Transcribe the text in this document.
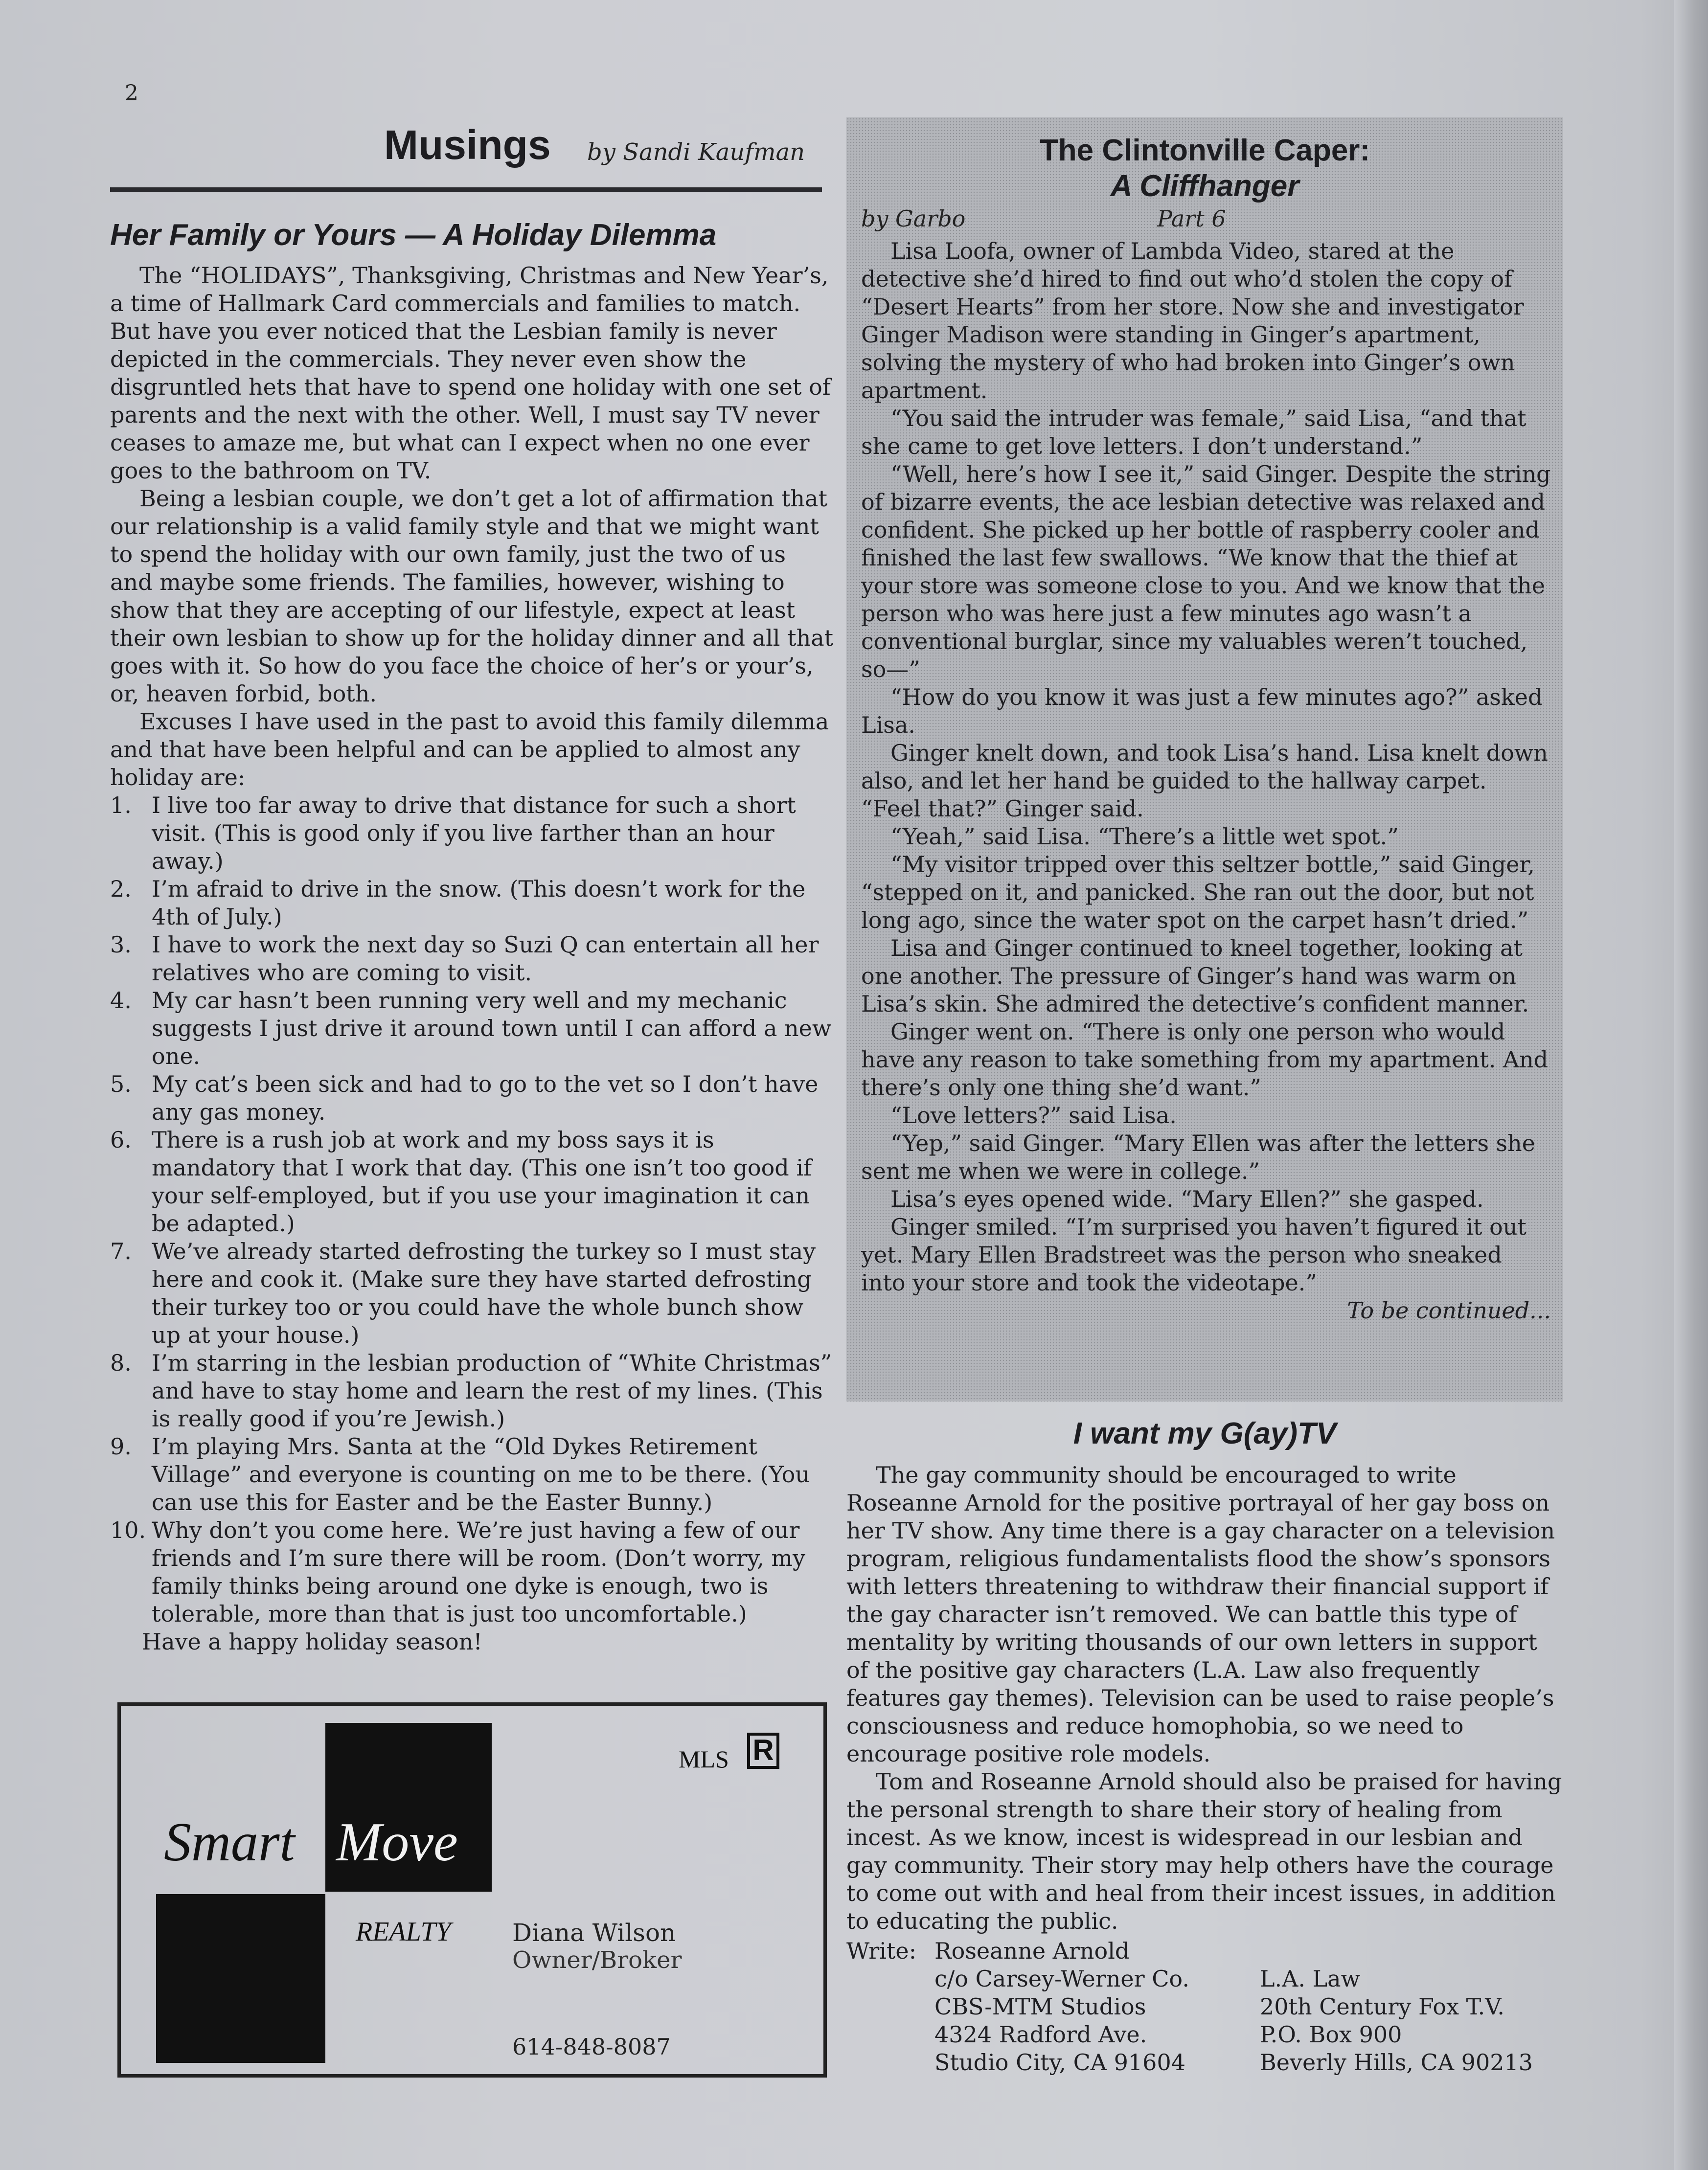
2
Musings by Sandi Kaufman
Her Family or Yours — A Holiday Dilemma

The “HOLIDAYS”, Thanksgiving, Christmas and New Year’s, a time of Hallmark Card commercials and families to match. But have you ever noticed that the Lesbian family is never depicted in the commercials. They never even show the disgruntled hets that have to spend one holiday with one set of parents and the next with the other. Well, I must say TV never ceases to amaze me, but what can I expect when no one ever goes to the bathroom on TV.

Being a lesbian couple, we don’t get a lot of affirmation that our relationship is a valid family style and that we might want to spend the holiday with our own family, just the two of us and maybe some friends. The families, however, wishing to show that they are accepting of our lifestyle, expect at least their own lesbian to show up for the holiday dinner and all that goes with it. So how do you face the choice of her’s or your’s, or, heaven forbid, both.

Excuses I have used in the past to avoid this family dilemma and that have been helpful and can be applied to almost any holiday are:

1. I live too far away to drive that distance for such a short visit. (This is good only if you live farther than an hour away.)
2. I’m afraid to drive in the snow. (This doesn’t work for the 4th of July.)
3. I have to work the next day so Suzi Q can entertain all her relatives who are coming to visit.
4. My car hasn’t been running very well and my mechanic suggests I just drive it around town until I can afford a new one.
5. My cat’s been sick and had to go to the vet so I don’t have any gas money.
6. There is a rush job at work and my boss says it is mandatory that I work that day. (This one isn’t too good if your self-employed, but if you use your imagination it can be adapted.)
7. We’ve already started defrosting the turkey so I must stay here and cook it. (Make sure they have started defrosting their turkey too or you could have the whole bunch show up at your house.)
8. I’m starring in the lesbian production of “White Christmas” and have to stay home and learn the rest of my lines. (This is really good if you’re Jewish.)
9. I’m playing Mrs. Santa at the “Old Dykes Retirement Village” and everyone is counting on me to be there. (You can use this for Easter and be the Easter Bunny.)
10. Why don’t you come here. We’re just having a few of our friends and I’m sure there will be room. (Don’t worry, my family thinks being around one dyke is enough, two is tolerable, more than that is just too uncomfortable.)

Have a happy holiday season!

Smart Move
REALTY	Diana Wilson
Owner/Broker
614-848-8087
MLS R
The Clintonville Caper:
A Cliffhanger
by Garbo	Part 6

Lisa Loofa, owner of Lambda Video, stared at the detective she’d hired to find out who’d stolen the copy of “Desert Hearts” from her store. Now she and investigator Ginger Madison were standing in Ginger’s apartment, solving the mystery of who had broken into Ginger’s own apartment.

“You said the intruder was female,” said Lisa, “and that she came to get love letters. I don’t understand.”

“Well, here’s how I see it,” said Ginger. Despite the string of bizarre events, the ace lesbian detective was relaxed and confident. She picked up her bottle of raspberry cooler and finished the last few swallows. “We know that the thief at your store was someone close to you. And we know that the person who was here just a few minutes ago wasn’t a conventional burglar, since my valuables weren’t touched, so—”

“How do you know it was just a few minutes ago?” asked Lisa.

Ginger knelt down, and took Lisa’s hand. Lisa knelt down also, and let her hand be guided to the hallway carpet. “Feel that?” Ginger said.

“Yeah,” said Lisa. “There’s a little wet spot.”

“My visitor tripped over this seltzer bottle,” said Ginger, “stepped on it, and panicked. She ran out the door, but not long ago, since the water spot on the carpet hasn’t dried.”

Lisa and Ginger continued to kneel together, looking at one another. The pressure of Ginger’s hand was warm on Lisa’s skin. She admired the detective’s confident manner.

Ginger went on. “There is only one person who would have any reason to take something from my apartment. And there’s only one thing she’d want.”

“Love letters?” said Lisa.

“Yep,” said Ginger. “Mary Ellen was after the letters she sent me when we were in college.”

Lisa’s eyes opened wide. “Mary Ellen?” she gasped.

Ginger smiled. “I’m surprised you haven’t figured it out yet. Mary Ellen Bradstreet was the person who sneaked into your store and took the videotape.”

To be continued...
I want my G(ay)TV

The gay community should be encouraged to write Roseanne Arnold for the positive portrayal of her gay boss on her TV show. Any time there is a gay character on a television program, religious fundamentalists flood the show’s sponsors with letters threatening to withdraw their financial support if the gay character isn’t removed. We can battle this type of mentality by writing thousands of our own letters in support of the positive gay characters (L.A. Law also frequently features gay themes). Television can be used to raise people’s consciousness and reduce homophobia, so we need to encourage positive role models.

Tom and Roseanne Arnold should also be praised for having the personal strength to share their story of healing from incest. As we know, incest is widespread in our lesbian and gay community. Their story may help others have the courage to come out with and heal from their incest issues, in addition to educating the public.

Write: Roseanne Arnold
c/o Carsey-Werner Co.
CBS-MTM Studios
4324 Radford Ave.
Studio City, CA 91604
L.A. Law
20th Century Fox T.V.
P.O. Box 900
Beverly Hills, CA 90213
